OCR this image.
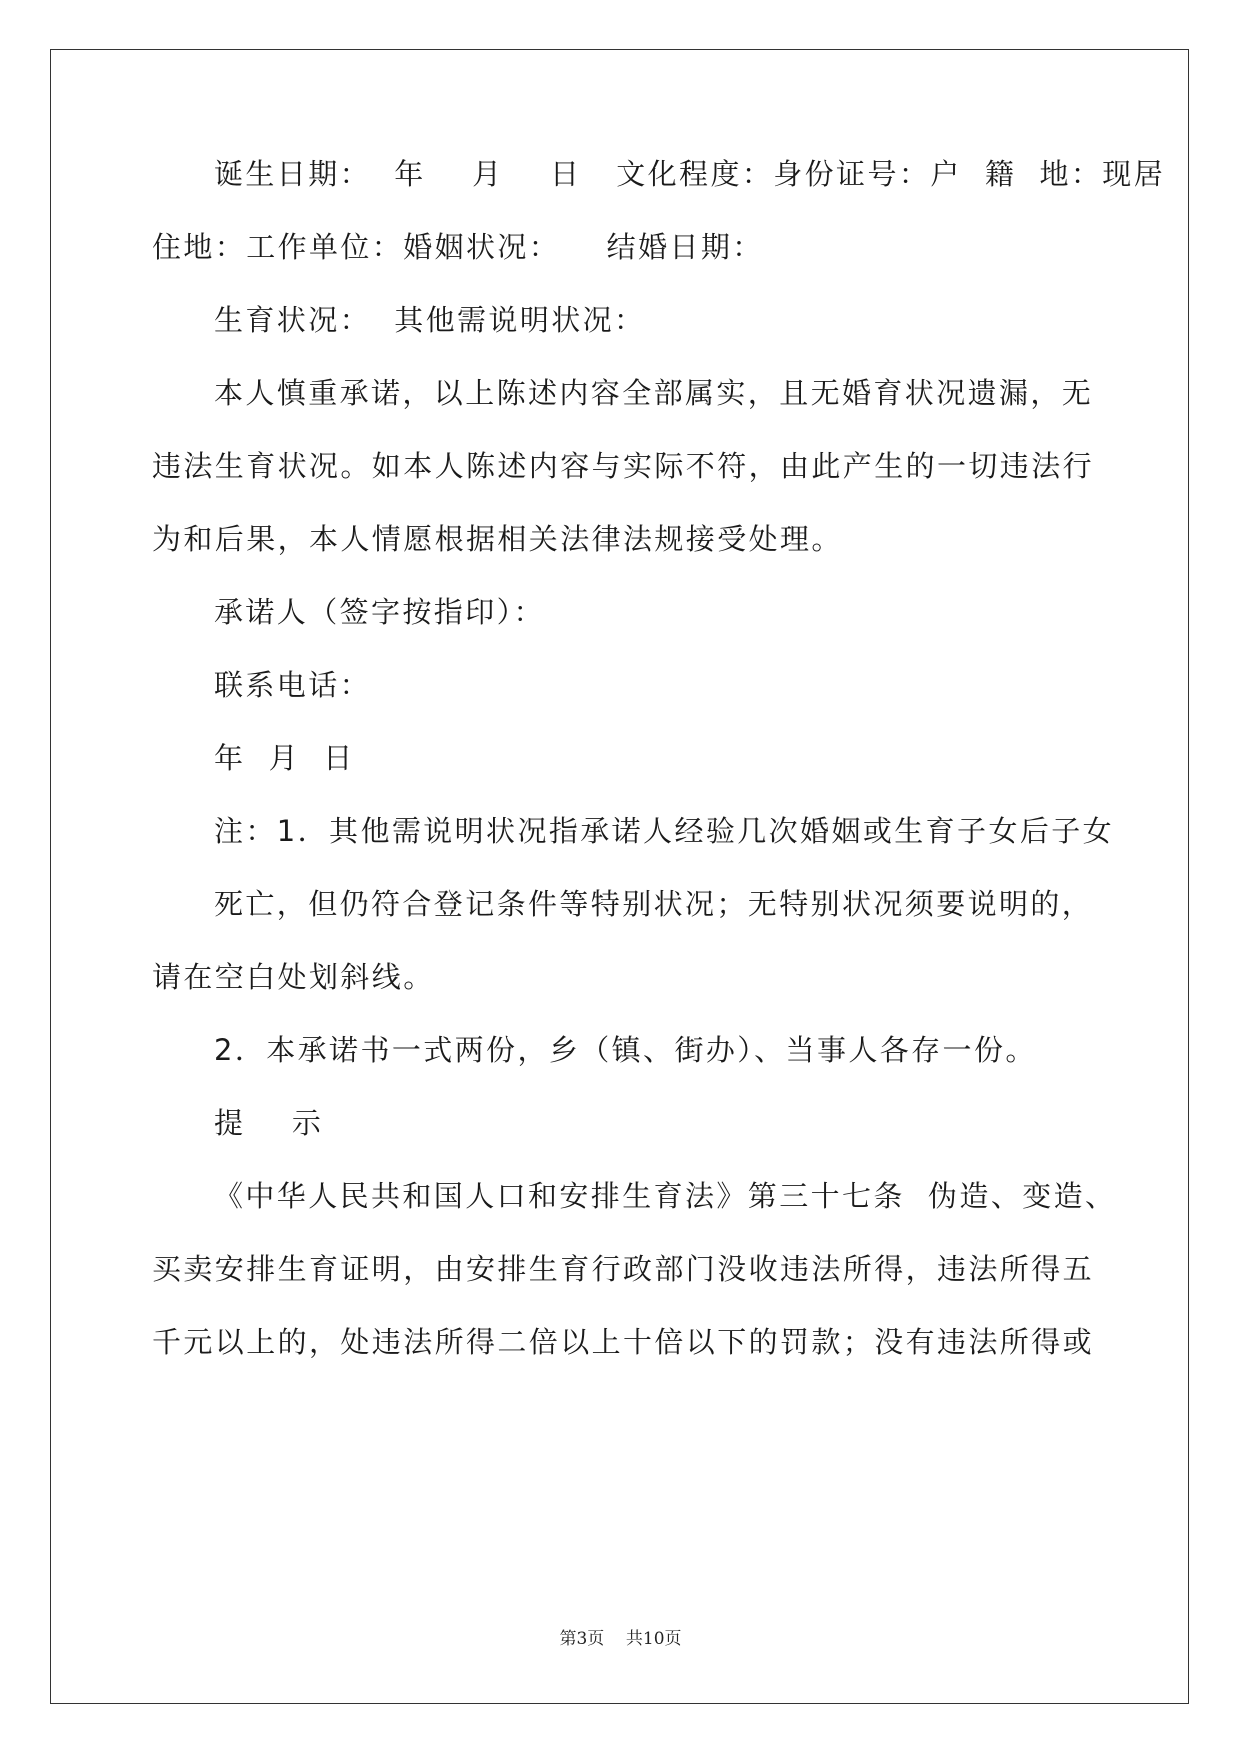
诞生日期：  年    月    日   文化程度：身份证号：户  籍  地：现居
住地：工作单位：婚姻状况：    结婚日期：
生育状况：  其他需说明状况：
本人慎重承诺，以上陈述内容全部属实，且无婚育状况遗漏，无
违法生育状况。如本人陈述内容与实际不符，由此产生的一切违法行
为和后果，本人情愿根据相关法律法规接受处理。
承诺人（签字按指印）：
联系电话：
年  月  日
注：1．其他需说明状况指承诺人经验几次婚姻或生育子女后子女
死亡，但仍符合登记条件等特别状况；无特别状况须要说明的，
请在空白处划斜线。
2．本承诺书一式两份，乡（镇、街办）、当事人各存一份。
提    示
《中华人民共和国人口和安排生育法》第三十七条  伪造、变造、
买卖安排生育证明，由安排生育行政部门没收违法所得，违法所得五
千元以上的，处违法所得二倍以上十倍以下的罚款；没有违法所得或
第3页    共10页
